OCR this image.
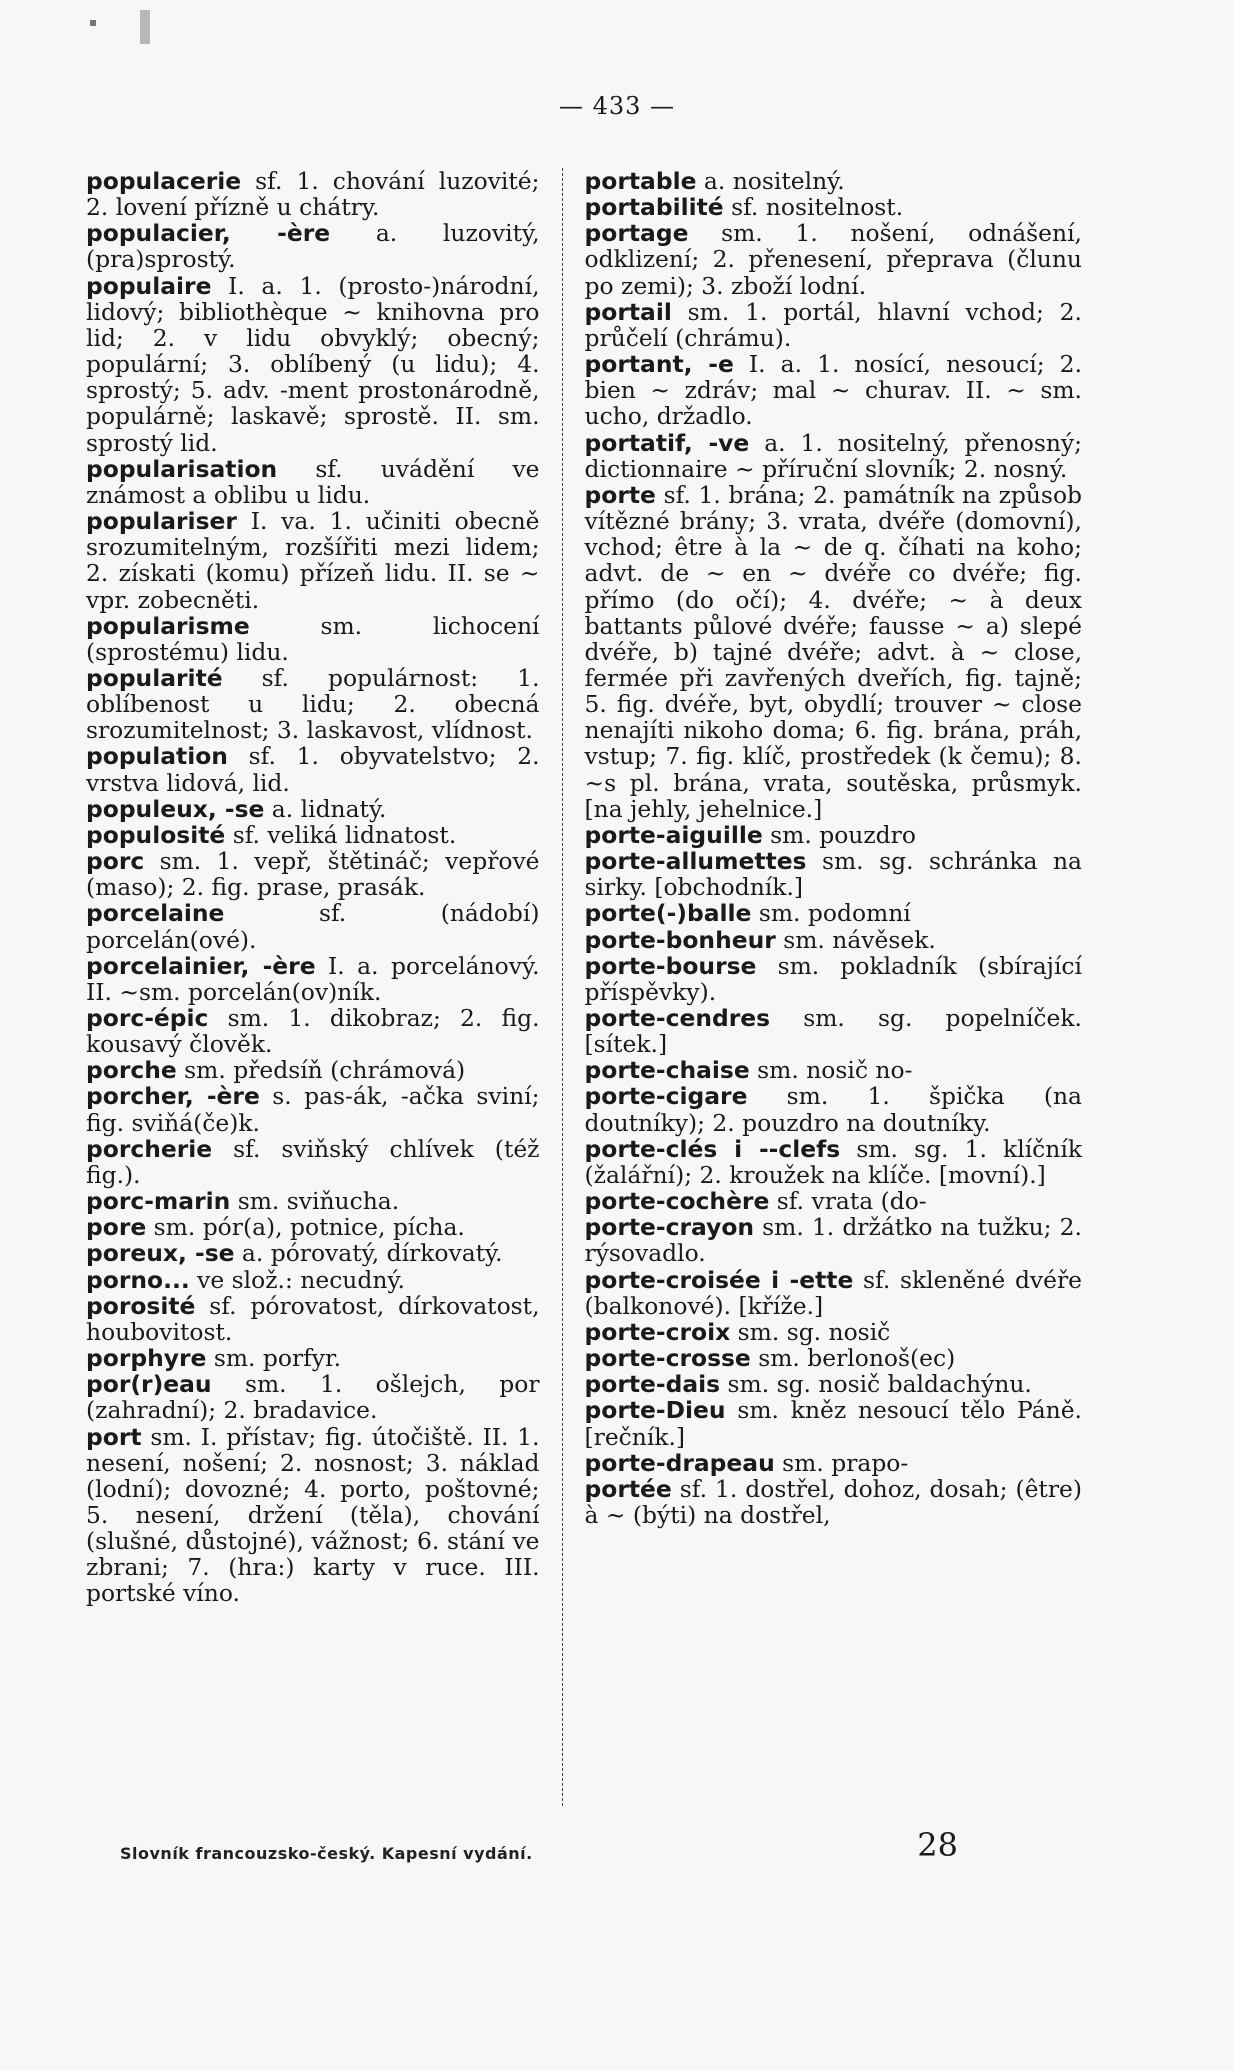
— 433 —

populacerie sf. 1. chování luzovité; 2. lovení přízně u chátry.

populacier, -ère a. luzovitý, (pra)sprostý.

populaire I. a. 1. (prosto-)národní, lidový; bibliothèque ~ knihovna pro lid; 2. v lidu obvyklý; obecný; populární; 3. oblíbený (u lidu); 4. sprostý; 5. adv. -ment prostonárodně, populárně; laskavě; sprostě. II. sm. sprostý lid.

popularisation sf. uvádění ve známost a oblibu u lidu.

populariser I. va. 1. učiniti obecně srozumitelným, rozšířiti mezi lidem; 2. získati (komu) přízeň lidu. II. se ~ vpr. zobecněti.

popularisme sm. lichocení (sprostému) lidu.

popularité sf. populárnost: 1. oblíbenost u lidu; 2. obecná srozumitelnost; 3. laskavost, vlídnost.

population sf. 1. obyvatelstvo; 2. vrstva lidová, lid.

populeux, -se a. lidnatý.

populosité sf. veliká lidnatost.

porc sm. 1. vepř, štětináč; vepřové (maso); 2. fig. prase, prasák.

porcelaine sf. (nádobí) porcelán(ové).

porcelainier, -ère I. a. porcelánový. II. ~sm. porcelán(ov)ník.

porc-épic sm. 1. dikobraz; 2. fig. kousavý člověk.

porche sm. předsíň (chrámová)

porcher, -ère s. pas-ák, -ačka sviní; fig. sviňá(če)k.

porcherie sf. sviňský chlívek (též fig.).

porc-marin sm. sviňucha.

pore sm. pór(a), potnice, pícha.

poreux, -se a. pórovatý, dírkovatý.

porno... ve slož.: necudný.

porosité sf. pórovatost, dírkovatost, houbovitost.

porphyre sm. porfyr.

por(r)eau sm. 1. ošlejch, por (zahradní); 2. bradavice.

port sm. I. přístav; fig. útočiště. II. 1. nesení, nošení; 2. nosnost; 3. náklad (lodní); dovozné; 4. porto, poštovné; 5. nesení, držení (těla), chování (slušné, důstojné), vážnost; 6. stání ve zbrani; 7. (hra:) karty v ruce. III. portské víno.

portable a. nositelný.

portabilité sf. nositelnost.

portage sm. 1. nošení, odnášení, odklizení; 2. přenesení, přeprava (člunu po zemi); 3. zboží lodní.

portail sm. 1. portál, hlavní vchod; 2. průčelí (chrámu).

portant, -e I. a. 1. nosící, nesoucí; 2. bien ~ zdráv; mal ~ churav. II. ~ sm. ucho, držadlo.

portatif, -ve a. 1. nositelný, přenosný; dictionnaire ~ příruční slovník; 2. nosný.

porte sf. 1. brána; 2. památník na způsob vítězné brány; 3. vrata, dvéře (domovní), vchod; être à la ~ de q. číhati na koho; advt. de ~ en ~ dvéře co dvéře; fig. přímo (do očí); 4. dvéře; ~ à deux battants půlové dvéře; fausse ~ a) slepé dvéře, b) tajné dvéře; advt. à ~ close, fermée při zavřených dveřích, fig. tajně; 5. fig. dvéře, byt, obydlí; trouver ~ close nenajíti nikoho doma; 6. fig. brána, práh, vstup; 7. fig. klíč, prostředek (k čemu); 8. ~s pl. brána, vrata, soutěska, průsmyk. [na jehly, jehelnice.]

porte-aiguille sm. pouzdro

porte-allumettes sm. sg. schránka na sirky. [obchodník.]

porte(-)balle sm. podomní

porte-bonheur sm. návěsek.

porte-bourse sm. pokladník (sbírající příspěvky).

porte-cendres sm. sg. popelníček. [sítek.]

porte-chaise sm. nosič no-

porte-cigare sm. 1. špička (na doutníky); 2. pouzdro na doutníky.

porte-clés i --clefs sm. sg. 1. klíčník (žalářní); 2. kroužek na klíče. [movní).]

porte-cochère sf. vrata (do-

porte-crayon sm. 1. držátko na tužku; 2. rýsovadlo.

porte-croisée i -ette sf. skleněné dvéře (balkonové). [kříže.]

porte-croix sm. sg. nosič

porte-crosse sm. berlonoš(ec)

porte-dais sm. sg. nosič baldachýnu.

porte-Dieu sm. kněz nesoucí tělo Páně. [rečník.]

porte-drapeau sm. prapo-

portée sf. 1. dostřel, dohoz, dosah; (être) à ~ (býti) na dostřel,

Slovník francouzsko-český. Kapesní vydání.	28
